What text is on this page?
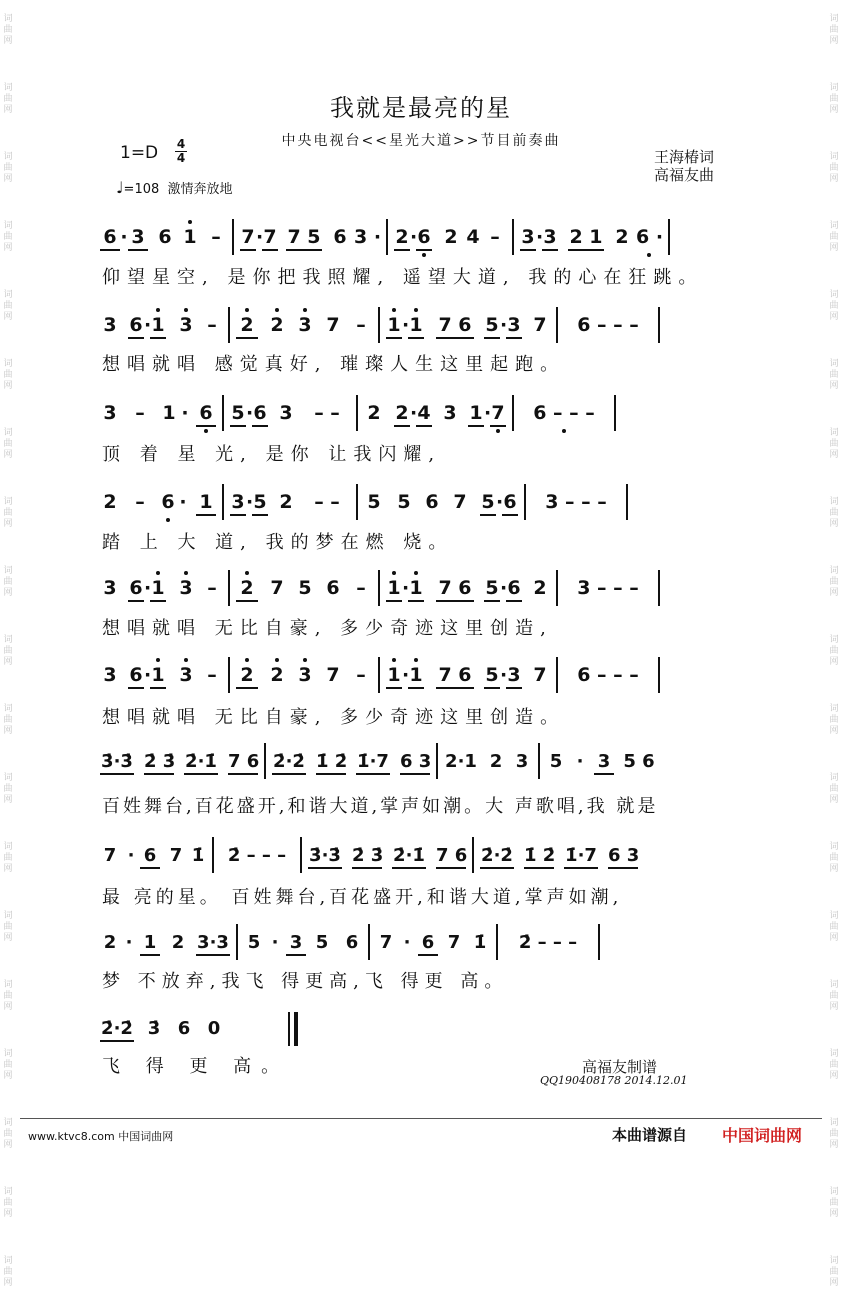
词
曲
网
词
曲
网
词
曲
网
词
曲
网
词
曲
网
词
曲
网
词
曲
网
词
曲
网
词
曲
网
词
曲
网
词
曲
网
词
曲
网
词
曲
网
词
曲
网
词
曲
网
词
曲
网
词
曲
网
词
曲
网
词
曲
网
词
曲
网
词
曲
网
词
曲
网
词
曲
网
词
曲
网
词
曲
网
词
曲
网
词
曲
网
词
曲
网
词
曲
网
词
曲
网
词
曲
网
词
曲
网
词
曲
网
词
曲
网
词
曲
网
词
曲
网
词
曲
网
词
曲
网
我就是最亮的星
中央电视台<<星光大道>>节目前奏曲
1=D 4
4
♩=108 激情奔放地
王海椿词
高福友曲
6 · 3 6 1 – 7 · 7 7 5 6 3 · 2 · 6 2 4 –	3 · 3 2 1 2 6
·
仰望星空, 是你把我照耀, 遥望大道, 我的心在狂跳。
3 6 · 1 3 – 2 2 3 7 –	1 · 1 7 6 5 · 3 7	6 – – –
想唱就唱 感觉真好, 璀璨人生这里起跑。
3 – 1 · 6 5 · 6 3	– –	2 2 · 4 3 1 · 7	6
– – –
顶 着 星 光, 是你 让我闪耀,
2 – 6 · 1 3 · 5 2	– –	5 5 6 7 5 · 6	3 – – –
踏 上 大 道, 我的梦在燃 烧。
3 6 · 1 3 – 2 7 5 6 –	1 · 1 7 6 5 · 6 2	3 – – –
想唱就唱 无比自豪, 多少奇迹这里创造,
3 6 · 1 3 – 2 2 3 7 –	1 · 1 7 6 5 · 3 7	6 – – –
想唱就唱 无比自豪, 多少奇迹这里创造。
3̇·3̇ 2̇ 3̇ 2̇·1̇ 7 6 2̇·2̇ 1̇ 2̇ 1̇·7 6 3 2·1 2 3 5 · 3 5 6
百姓舞台,百花盛开,和谐大道,掌声如潮。大 声歌唱,我 就是
7 · 6 7 1̇	2̇ – – –	3̇·3̇ 2̇ 3̇ 2̇·1̇ 7 6 2̇·2̇ 1̇ 2̇ 1̇·7 6 3
最 亮的星。 百姓舞台,百花盛开,和谐大道,掌声如潮,
2 · 1 2 3·3 5 · 3 5 6 7 · 6 7 1̇	2̇ – – –
梦 不放弃,我飞 得更高,飞 得更 高。
2̇·2̇ 3̇ 6 0
飞 得 更 高。	高福友制谱
QQ190408178 2014.12.01
www.ktvc8.com 中国词曲网	本曲谱源自 中国词曲网
